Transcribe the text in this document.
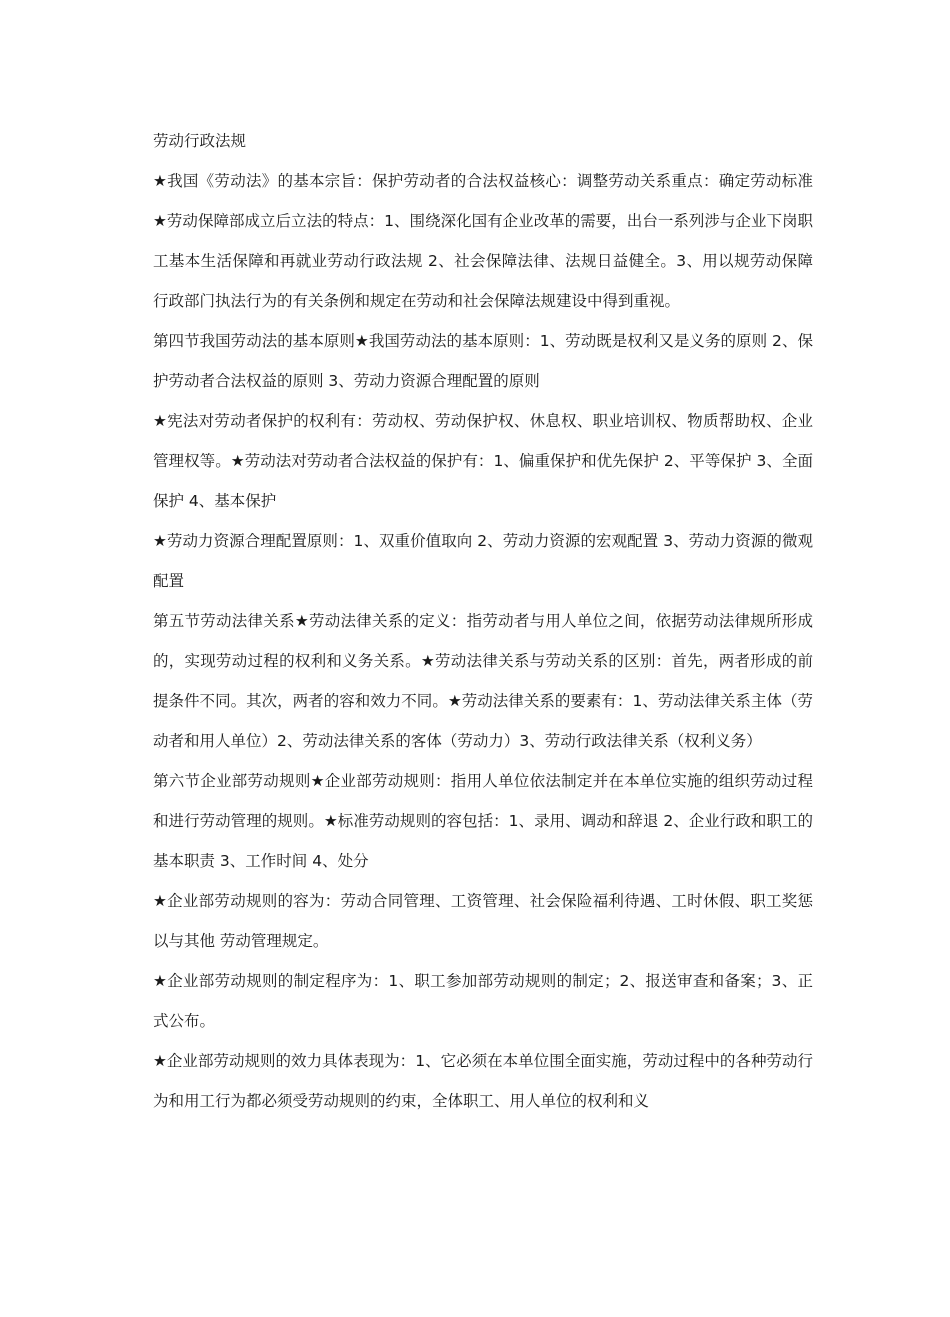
劳动行政法规

★我国《劳动法》的基本宗旨：保护劳动者的合法权益核心：调整劳动关系重点：确定劳动标准★劳动保障部成立后立法的特点：1、围绕深化国有企业改革的需要，出台一系列涉与企业下岗职工基本生活保障和再就业劳动行政法规 2、社会保障法律、法规日益健全。3、用以规劳动保障行政部门执法行为的有关条例和规定在劳动和社会保障法规建设中得到重视。

第四节我国劳动法的基本原则★我国劳动法的基本原则：1、劳动既是权利又是义务的原则 2、保护劳动者合法权益的原则 3、劳动力资源合理配置的原则

★宪法对劳动者保护的权利有：劳动权、劳动保护权、休息权、职业培训权、物质帮助权、企业管理权等。★劳动法对劳动者合法权益的保护有：1、偏重保护和优先保护 2、平等保护 3、全面保护 4、基本保护

★劳动力资源合理配置原则：1、双重价值取向 2、劳动力资源的宏观配置 3、劳动力资源的微观配置

第五节劳动法律关系★劳动法律关系的定义：指劳动者与用人单位之间，依据劳动法律规所形成的，实现劳动过程的权利和义务关系。★劳动法律关系与劳动关系的区别：首先，两者形成的前提条件不同。其次，两者的容和效力不同。★劳动法律关系的要素有：1、劳动法律关系主体（劳动者和用人单位）2、劳动法律关系的客体（劳动力）3、劳动行政法律关系（权利义务）

第六节企业部劳动规则★企业部劳动规则：指用人单位依法制定并在本单位实施的组织劳动过程和进行劳动管理的规则。★标准劳动规则的容包括：1、录用、调动和辞退 2、企业行政和职工的基本职责 3、工作时间 4、处分

★企业部劳动规则的容为：劳动合同管理、工资管理、社会保险福利待遇、工时休假、职工奖惩以与其他 劳动管理规定。

★企业部劳动规则的制定程序为：1、职工参加部劳动规则的制定；2、报送审查和备案；3、正式公布。

★企业部劳动规则的效力具体表现为：1、它必须在本单位围全面实施，劳动过程中的各种劳动行为和用工行为都必须受劳动规则的约束，全体职工、用人单位的权利和义
